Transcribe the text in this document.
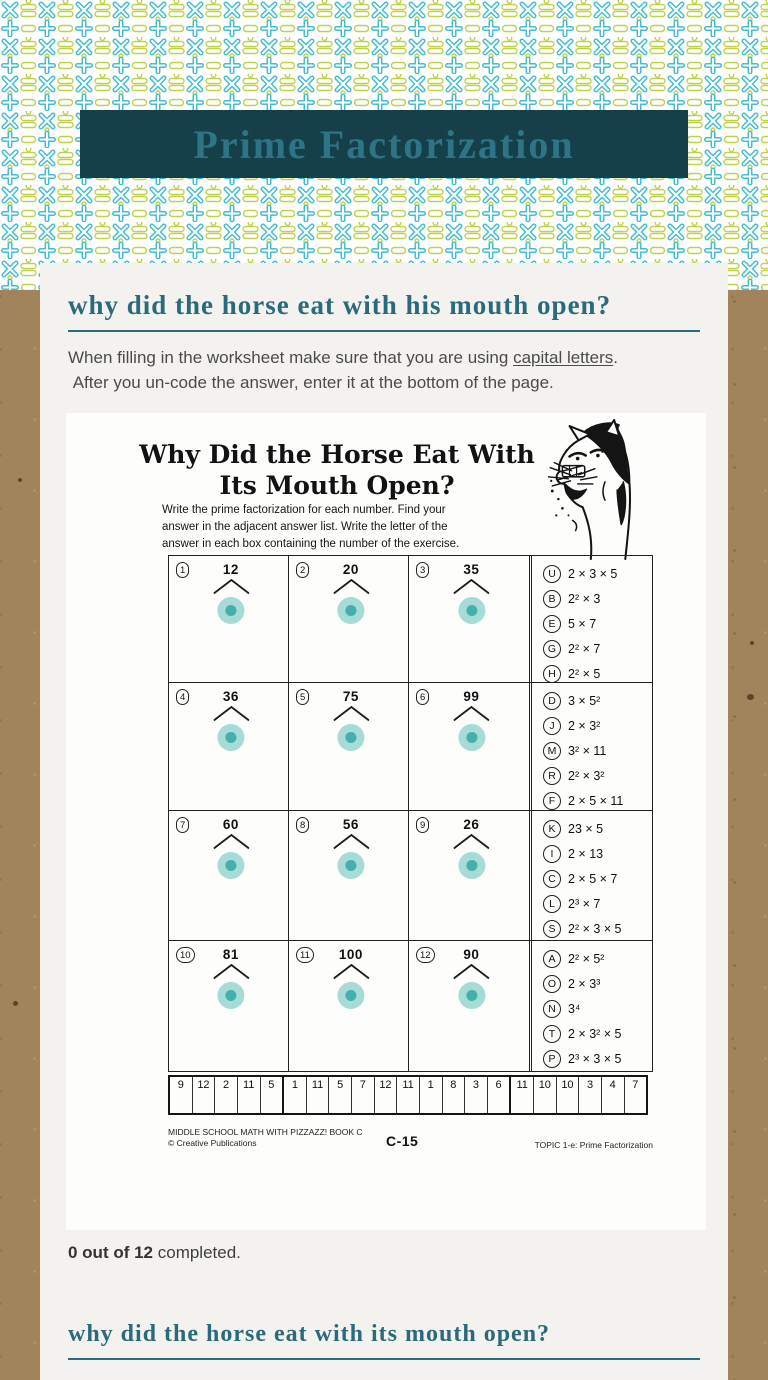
Prime Factorization
why did the horse eat with his mouth open?

When filling in the worksheet make sure that you are using capital letters.
After you un-code the answer, enter it at the bottom of the page.

Why Did the Horse Eat With
Its Mouth Open?
Write the prime factorization for each number. Find your answer in the adjacent answer list. Write the letter of the answer in each box containing the number of the exercise.
1	12	2	20	3	35	U 2 × 3 × 5
B	2² × 3
E	5 × 7
G 2² × 7
H 2² × 5
4	36	5	75	6	99	D 3 × 5²
J	2 × 3²
M 3² × 11
R 2² × 3²
F	2 × 5 × 11
7	60	8	56	9	26	K	23 × 5
I	2 × 13
C 2 × 5 × 7
L	2³ × 7
S	2² × 3 × 5
10 81	11 100	12 90	A	2² × 5²
O 2 × 3³
N 3⁴
T	2 × 3² × 5
P	2³ × 3 × 5
9	12	2	11	5	1	11	5	7	12 11	1	8	3	6	11 10 10	3	4	7
MIDDLE SCHOOL MATH WITH PIZZAZZ! BOOK C
© Creative Publications	C-15	TOPIC 1-e: Prime Factorization

0 out of 12 completed.

why did the horse eat with its mouth open?
